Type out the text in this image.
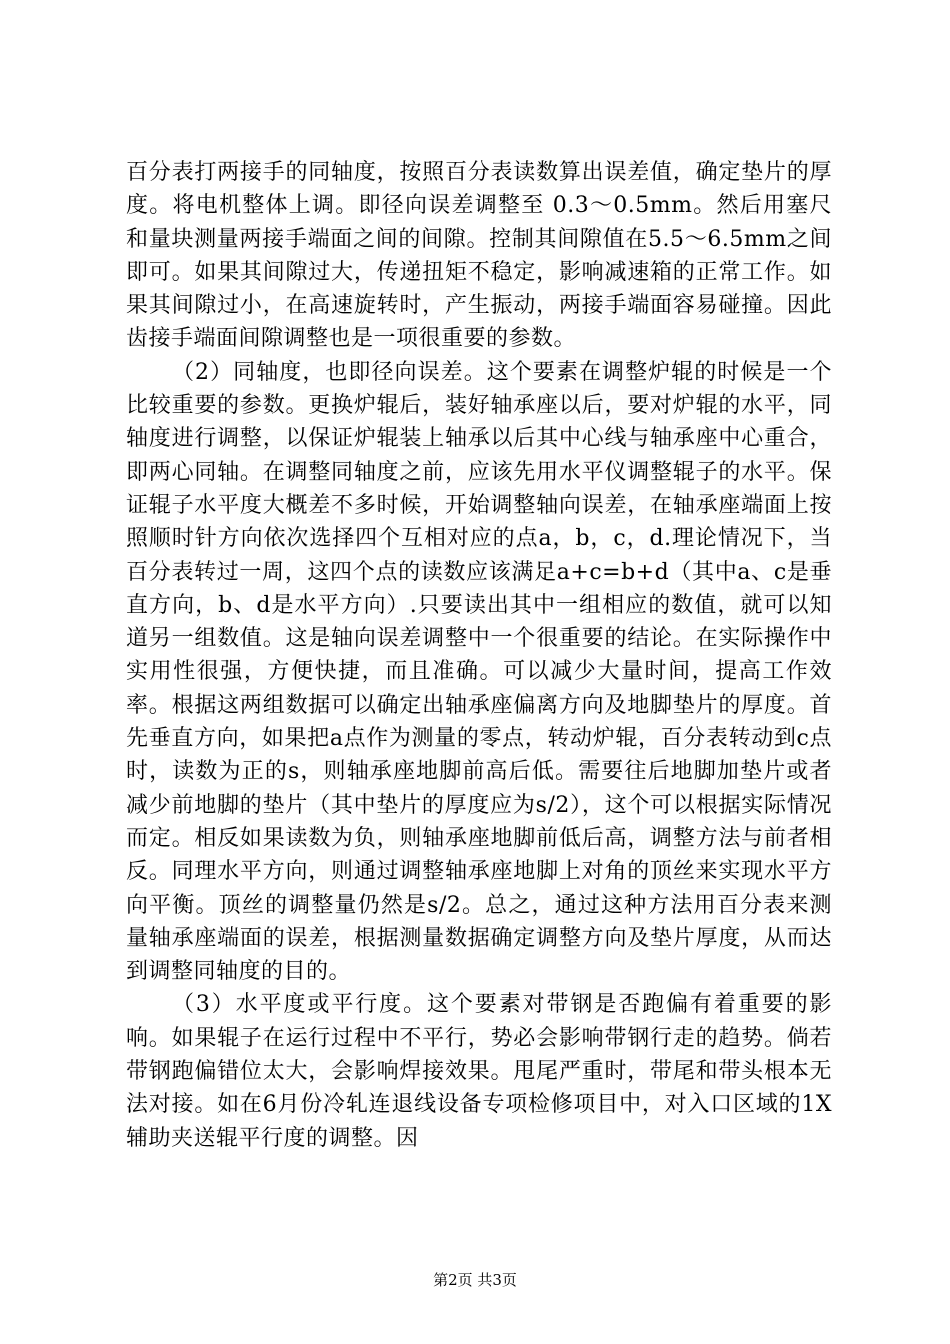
百分表打两接手的同轴度，按照百分表读数算出误差值，确定垫片的厚度。将电机整体上调。即径向误差调整至 0.3～0.5mm。然后用塞尺和量块测量两接手端面之间的间隙。控制其间隙值在5.5～6.5mm之间即可。如果其间隙过大，传递扭矩不稳定，影响减速箱的正常工作。如果其间隙过小，在高速旋转时，产生振动，两接手端面容易碰撞。因此齿接手端面间隙调整也是一项很重要的参数。

（2）同轴度，也即径向误差。这个要素在调整炉辊的时候是一个比较重要的参数。更换炉辊后，装好轴承座以后，要对炉辊的水平，同轴度进行调整，以保证炉辊装上轴承以后其中心线与轴承座中心重合，即两心同轴。在调整同轴度之前，应该先用水平仪调整辊子的水平。保证辊子水平度大概差不多时候，开始调整轴向误差，在轴承座端面上按照顺时针方向依次选择四个互相对应的点a，b，c，d.理论情况下，当百分表转过一周，这四个点的读数应该满足a+c=b+d（其中a、c是垂直方向，b、d是水平方向）.只要读出其中一组相应的数值，就可以知道另一组数值。这是轴向误差调整中一个很重要的结论。在实际操作中实用性很强，方便快捷，而且准确。可以减少大量时间，提高工作效率。根据这两组数据可以确定出轴承座偏离方向及地脚垫片的厚度。首先垂直方向，如果把a点作为测量的零点，转动炉辊，百分表转动到c点时，读数为正的s，则轴承座地脚前高后低。需要往后地脚加垫片或者减少前地脚的垫片（其中垫片的厚度应为s/2），这个可以根据实际情况而定。相反如果读数为负，则轴承座地脚前低后高，调整方法与前者相反。同理水平方向，则通过调整轴承座地脚上对角的顶丝来实现水平方向平衡。顶丝的调整量仍然是s/2。总之，通过这种方法用百分表来测量轴承座端面的误差，根据测量数据确定调整方向及垫片厚度，从而达到调整同轴度的目的。

（3）水平度或平行度。这个要素对带钢是否跑偏有着重要的影响。如果辊子在运行过程中不平行，势必会影响带钢行走的趋势。倘若带钢跑偏错位太大，会影响焊接效果。甩尾严重时，带尾和带头根本无法对接。如在6月份冷轧连退线设备专项检修项目中，对入口区域的1X辅助夹送辊平行度的调整。因

第2页 共3页
